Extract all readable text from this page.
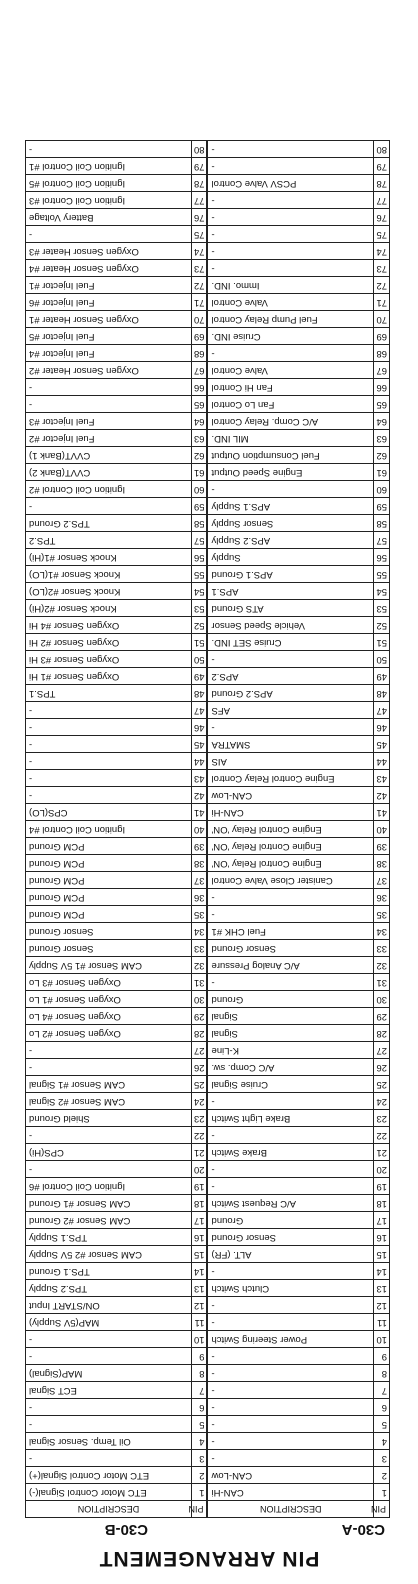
PIN ARRANGEMENT
C30-A
C30-B
PIN	DESCRIPTION	PIN	DESCRIPTION
1	CAN-Hi	1	ETC Motor Control Signal(-)
2	CAN-Low	2	ETC Motor Control Signal(+)
3	-	3	-
4	-	4	Oil Temp. Sensor Signal
5	-	5	-
6	-	6	-
7	-	7	ECT Signal
8	-	8	MAP(Signal)
9	-	9	-
10	Power Steering Switch	10	-
11	-	11	MAP(5V Supply)
12	-	12	ON/START Input
13	Clutch Switch	13	TPS.2 Supply
14	-	14	TPS.1 Ground
15	ALT. (FR)	15	CAM Sensor #2 5V Supply
16	Sensor Ground	16	TPS.1 Supply
17	Ground	17	CAM Sensor #2 Ground
18	A/C Request Switch	18	CAM Sensor #1 Ground
19	-	19	Ignition Coil Control #6
20	-	20	-
21	Brake Switch	21	CPS(Hi)
22	-	22	-
23	Brake Light Switch	23	Shield Ground
24	-	24	CAM Sensor #2 Signal
25	Cruise Signal	25	CAM Sensor #1 Signal
26	A/C Comp. sw.	26	-
27	K-Line	27	-
28	Signal	28	Oxygen Sensor #2 Lo
29	Signal	29	Oxygen Sensor #4 Lo
30	Ground	30	Oxygen Sensor #1 Lo
31	-	31	Oxygen Sensor #3 Lo
32	A/C Analog Pressure	32	CAM Sensor #1 5V Supply
33	Sensor Ground	33	Sensor Ground
34	Fuel CHK #1	34	Sensor Ground
35	-	35	PCM Ground
36	-	36	PCM Ground
37	Canister Close Valve Control	37	PCM Ground
38	Engine Control Relay 'ON'	38	PCM Ground
39	Engine Control Relay 'ON'	39	PCM Ground
40	Engine Control Relay 'ON'	40	Ignition Coil Control #4
41	CAN-Hi	41	CPS(LO)
42	CAN-Low	42	-
43	Engine Control Relay Control	43	-
44	AIS	44	-
45	SMATRA	45	-
46	-	46	-
47	AFS	47	-
48	APS.2 Ground	48	TPS.1
49	APS.2	49	Oxygen Sensor #1 Hi
50	-	50	Oxygen Sensor #3 Hi
51	Cruise SET IND.	51	Oxygen Sensor #2 Hi
52	Vehicle Speed Sensor	52	Oxygen Sensor #4 Hi
53	ATS Ground	53	Knock Sensor #2(Hi)
54	APS.1	54	Knock Sensor #2(LO)
55	APS.1 Ground	55	Knock Sensor #1(LO)
56	Supply	56	Knock Sensor #1(Hi)
57	APS.2 Supply	57	TPS.2
58	Sensor Supply	58	TPS.2 Ground
59	APS.1 Supply	59	-
60	-	60	Ignition Coil Control #2
61	Engine Speed Output	61	CVVT(Bank 2)
62	Fuel Consumption Output	62	CVVT(Bank 1)
63	MIL IND.	63	Fuel Injector #2
64	A/C Comp. Relay Control	64	Fuel Injector #3
65	Fan Lo Control	65	-
66	Fan Hi Control	66	-
67	Valve Control	67	Oxygen Sensor Heater #2
68	-	68	Fuel Injector #4
69	Cruise IND.	69	Fuel Injector #5
70	Fuel Pump Relay Control	70	Oxygen Sensor Heater #1
71	Valve Control	71	Fuel Injector #6
72	Immo. IND.	72	Fuel Injector #1
73	-	73	Oxygen Sensor Heater #4
74	-	74	Oxygen Sensor Heater #3
75	-	75	-
76	-	76	Battery Voltage
77	-	77	Ignition Coil Control #3
78	PCSV Valve Control	78	Ignition Coil Control #5
79	-	79	Ignition Coil Control #1
80	-	80	-
